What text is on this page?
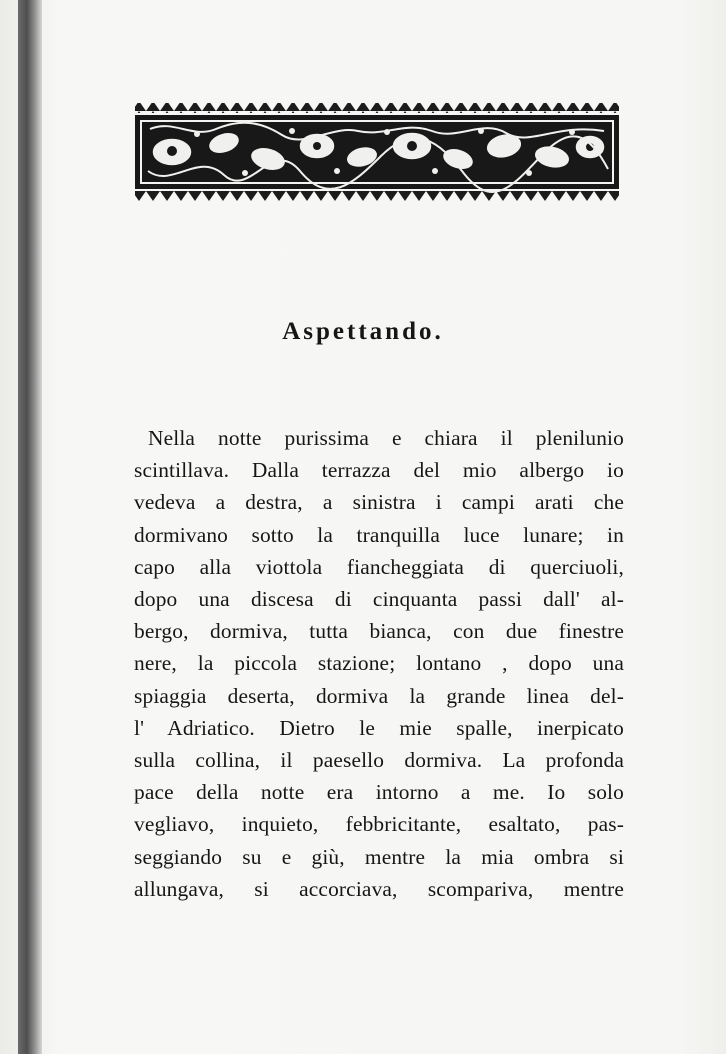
Aspettando.
Nella notte purissima e chiara il plenilunio
scintillava. Dalla terrazza del mio albergo io
vedeva a destra, a sinistra i campi arati che
dormivano sotto la tranquilla luce lunare; in
capo alla viottola fiancheggiata di querciuoli,
dopo una discesa di cinquanta passi dall' al-
bergo, dormiva, tutta bianca, con due finestre
nere, la piccola stazione; lontano , dopo una
spiaggia deserta, dormiva la grande linea del-
l' Adriatico. Dietro le mie spalle, inerpicato
sulla collina, il paesello dormiva. La profonda
pace della notte era intorno a me. Io solo
vegliavo, inquieto, febbricitante, esaltato, pas-
seggiando su e giù, mentre la mia ombra si
allungava, si accorciava, scompariva, mentre
